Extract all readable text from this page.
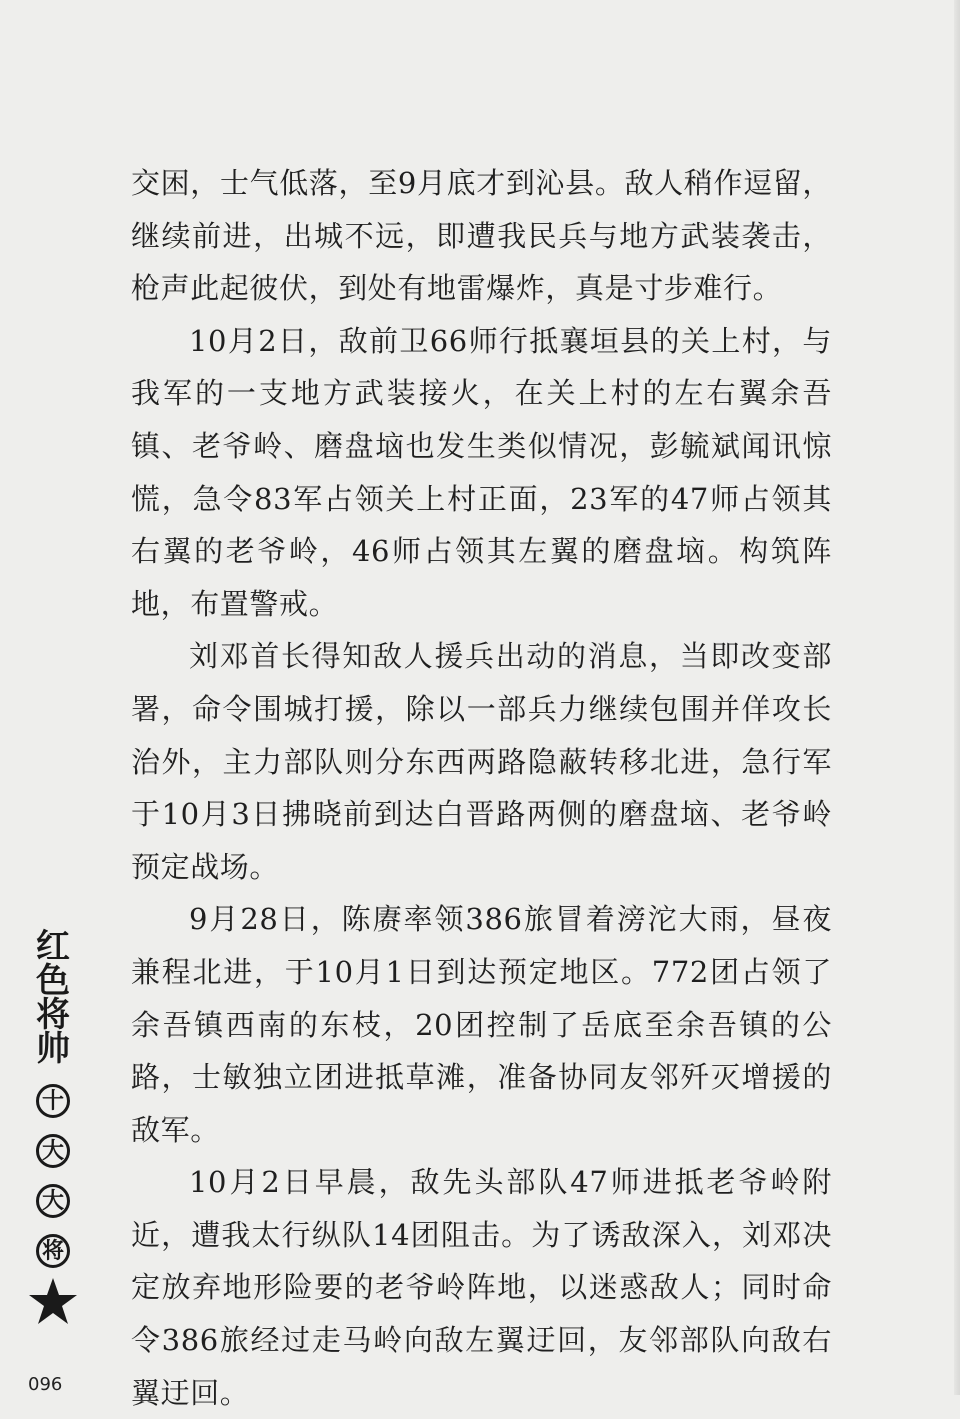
交困，士气低落，至9月底才到沁县。敌人稍作逗留，继续前进，出城不远，即遭我民兵与地方武装袭击，枪声此起彼伏，到处有地雷爆炸，真是寸步难行。

10月2日，敌前卫66师行抵襄垣县的关上村，与我军的一支地方武装接火，在关上村的左右翼余吾镇、老爷岭、磨盘垴也发生类似情况，彭毓斌闻讯惊慌，急令83军占领关上村正面，23军的47师占领其右翼的老爷岭，46师占领其左翼的磨盘垴。构筑阵地，布置警戒。

刘邓首长得知敌人援兵出动的消息，当即改变部署，命令围城打援，除以一部兵力继续包围并佯攻长治外，主力部队则分东西两路隐蔽转移北进，急行军于10月3日拂晓前到达白晋路两侧的磨盘垴、老爷岭预定战场。

9月28日，陈赓率领386旅冒着滂沱大雨，昼夜兼程北进，于10月1日到达预定地区。772团占领了余吾镇西南的东枝，20团控制了岳底至余吾镇的公路，士敏独立团进抵草滩，准备协同友邻歼灭增援的敌军。

10月2日早晨，敌先头部队47师进抵老爷岭附近，遭我太行纵队14团阻击。为了诱敌深入，刘邓决定放弃地形险要的老爷岭阵地，以迷惑敌人；同时命令386旅经过走马岭向敌左翼迂回，友邻部队向敌右翼迂回。

红
色
将
帅
十
大
大
将
096
